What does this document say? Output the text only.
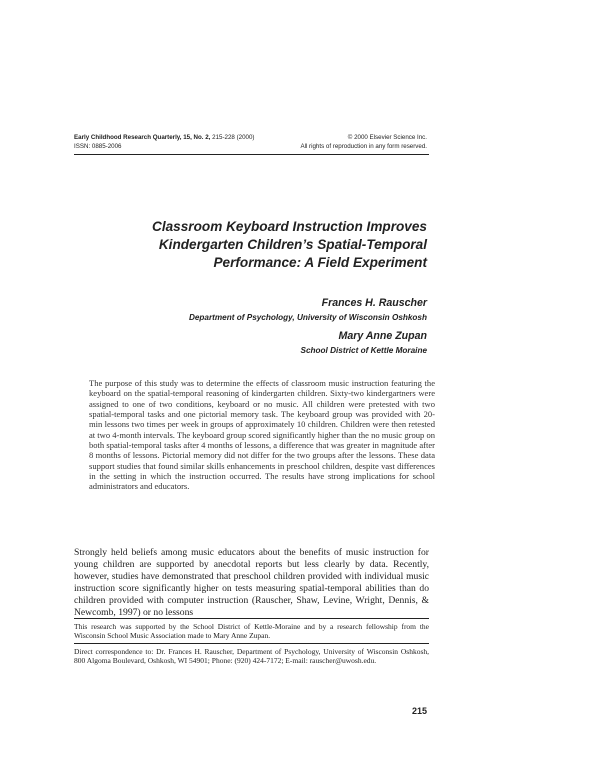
Early Childhood Research Quarterly, 15, No. 2, 215-228 (2000)
ISSN: 0885-2006
© 2000 Elsevier Science Inc.
All rights of reproduction in any form reserved.
Classroom Keyboard Instruction Improves
Kindergarten Children’s Spatial-Temporal
Performance: A Field Experiment
Frances H. Rauscher
Department of Psychology, University of Wisconsin Oshkosh
Mary Anne Zupan
School District of Kettle Moraine
The purpose of this study was to determine the effects of classroom music instruction featuring the keyboard on the spatial-temporal reasoning of kindergarten children. Sixty-two kindergartners were assigned to one of two conditions, keyboard or no music. All children were pretested with two spatial-temporal tasks and one pictorial memory task. The keyboard group was provided with 20-min lessons two times per week in groups of approximately 10 children. Children were then retested at two 4-month intervals. The keyboard group scored significantly higher than the no music group on both spatial-temporal tasks after 4 months of lessons, a difference that was greater in magnitude after 8 months of lessons. Pictorial memory did not differ for the two groups after the lessons. These data support studies that found similar skills enhancements in preschool children, despite vast differences in the setting in which the instruction occurred. The results have strong implications for school administrators and educators.
Strongly held beliefs among music educators about the benefits of music instruction for young children are supported by anecdotal reports but less clearly by data. Recently, however, studies have demonstrated that preschool children provided with individual music instruction score significantly higher on tests measuring spatial-temporal abilities than do children provided with computer instruction (Rauscher, Shaw, Levine, Wright, Dennis, & Newcomb, 1997) or no lessons
This research was supported by the School District of Kettle-Moraine and by a research fellowship from the Wisconsin School Music Association made to Mary Anne Zupan.
Direct correspondence to: Dr. Frances H. Rauscher, Department of Psychology, University of Wisconsin Oshkosh, 800 Algoma Boulevard, Oshkosh, WI 54901; Phone: (920) 424-7172; E-mail: rauscher@uwosh.edu.
215
